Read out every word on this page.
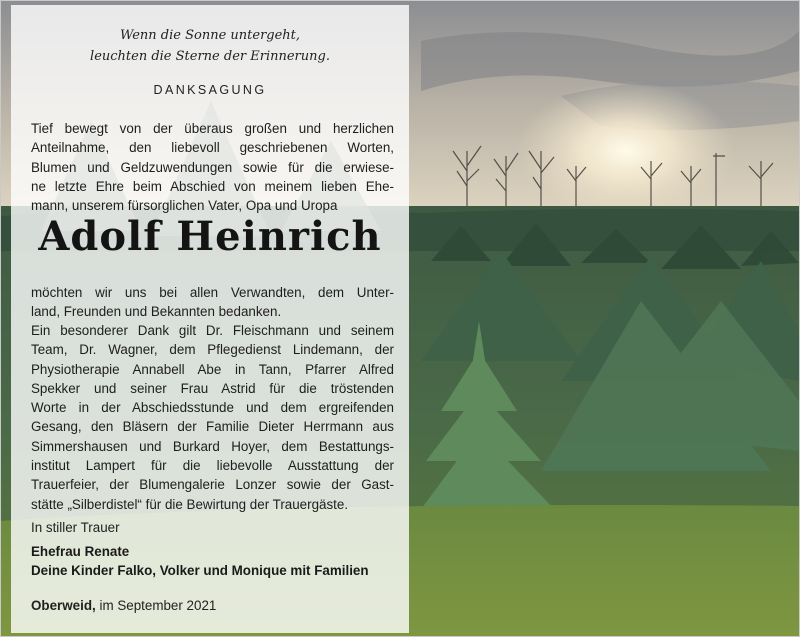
Wenn die Sonne untergeht,
leuchten die Sterne der Erinnerung.
DANKSAGUNG
Tief bewegt von der überaus großen und herzlichen
Anteilnahme, den liebevoll geschriebenen Worten,
Blumen und Geldzuwendungen sowie für die erwiese-
ne letzte Ehre beim Abschied von meinem lieben Ehe-
mann, unserem fürsorglichen Vater, Opa und Uropa
Adolf Heinrich
möchten wir uns bei allen Verwandten, dem Unter-
land, Freunden und Bekannten bedanken.
Ein besonderer Dank gilt Dr. Fleischmann und seinem
Team, Dr. Wagner, dem Pflegedienst Lindemann, der
Physiotherapie Annabell Abe in Tann, Pfarrer Alfred
Spekker und seiner Frau Astrid für die tröstenden
Worte in der Abschiedsstunde und dem ergreifenden
Gesang, den Bläsern der Familie Dieter Herrmann aus
Simmershausen und Burkard Hoyer, dem Bestattungs-
institut Lampert für die liebevolle Ausstattung der
Trauerfeier, der Blumengalerie Lonzer sowie der Gast-
stätte „Silberdistel“ für die Bewirtung der Trauergäste.
In stiller Trauer
Ehefrau Renate
Deine Kinder Falko, Volker und Monique mit Familien
Oberweid, im September 2021
